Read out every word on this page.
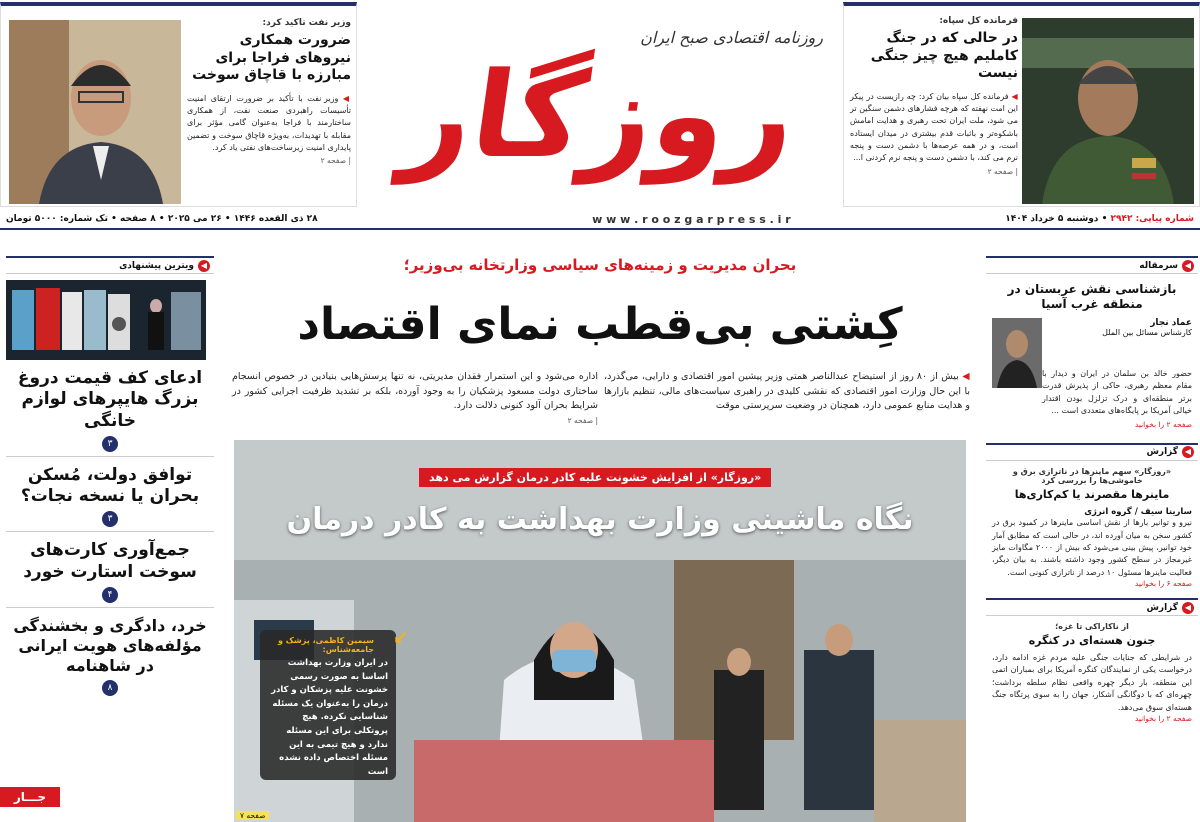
فرمانده کل سپاه:
در حالی که در جنگ کاملیم هیچ چیز جنگی نیست
◀ فرمانده کل سپاه بیان کرد: چه رازیست در پیکر این امت نهفته که هرچه فشارهای دشمن سنگین تر می شود، ملت ایران تحت رهبری و هدایت امامش باشکوه‌تر و باثبات قدم بیشتری در میدان ایستاده است، و در همه عرصه‌ها با دشمن دست و پنجه نرم می کند، با دشمن دست و پنجه نرم کردنی ا...
| صفحه ۲
روزنامه اقتصادی صبح ایران
روزگار
وزیر نفت تاکید کرد:
ضرورت همکاری نیروهای فراجا برای مبارزه با قاچاق سوخت
◀ وزیر نفت با تأکید بر ضرورت ارتقای امنیت تأسیسات راهبردی صنعت نفت، از همکاری ساختارمند با فراجا به‌عنوان گامی مؤثر برای مقابله با تهدیدات، به‌ویژه قاچاق سوخت و تضمین پایداری امنیت زیرساخت‌های نفتی یاد کرد.
| صفحه ۲
۲۸ ذی القعده ۱۴۴۶ • ۲۶ می ۲۰۲۵ • ۸ صفحه • تک شماره: ۵۰۰۰ تومان	w w w . r o o z g a r p r e s s . i r	شماره پیاپی: ۲۹۴۲ • دوشنبه ۵ خرداد ۱۴۰۴
سرمقاله ◀
بازشناسی نقش عربستان در منطقه غرب آسیا
عماد نجار
کارشناس مسائل بین الملل
حضور خالد بن سلمان در ایران و دیدار با مقام معظم رهبری، حاکی از پذیرش قدرت برتر منطقه‌ای و درک تزلزل بودن اقتدار خیالی آمریکا بر پایگاه‌های متعددی است ...
صفحه ۲ را بخوانید
گزارش ◀
«روزگار» سهم ماینرها در ناترازی برق و خاموشی‌ها را بررسی کرد
ماینرها مقصرند یا کم‌کاری‌ها
سارینا سیف / گروه انرژی
نیرو و توانیر بارها از نقش اساسی ماینرها در کمبود برق در کشور سخن به میان آورده اند، در حالی است که مطابق آمار خود توانیر، پیش بینی می‌شود که بیش از ۲۰۰۰ مگاوات مایز غیرمجاز در سطح کشور وجود داشته باشند. به بیان دیگر، فعالیت ماینرها مسئول ۱۰ درصد از ناترازی کنونی است.
صفحه ۶ را بخوانید
گزارش ◀
از ناکاراکی تا غزه؛
جنون هسته‌ای در کنگره
در شرایطی که جنایات جنگی علیه مردم غزه ادامه دارد، درخواست یکی از نمایندگان کنگره آمریکا برای بمباران اتمی این منطقه، بار دیگر چهره واقعی نظام سلطه برداشت؛ چهره‌ای که با دوگانگی آشکار، جهان را به سوی پرتگاه جنگ هسته‌ای سوق می‌دهد.
صفحه ۲ را بخوانید
ویترین پیشنهادی ◀
ادعای کف قیمت دروغ بزرگ هایپرهای لوازم خانگی
۳
توافق دولت، مُسکن بحران یا نسخه نجات؟
۳
جمع‌آوری کارت‌های سوخت استارت خورد
۴
خرد، دادگری و بخشندگی مؤلفه‌های هویت ایرانی در شاهنامه
۸
جـــار
بحران مدیریت و زمینه‌های سیاسی وزارتخانه بی‌وزیر؛
کِشتی بی‌قطب نمای اقتصاد
◀ بیش از ۸۰ روز از استیضاح عبدالناصر همتی وزیر پیشین امور اقتصادی و دارایی، می‌گذرد، با این حال وزارت امور اقتصادی که نقشی کلیدی در راهبری سیاست‌های مالی، تنظیم بازارها و هدایت منابع عمومی دارد، همچنان در وضعیت سرپرستی موقت
اداره می‌شود و این استمرار فقدان مدیریتی، نه تنها پرسش‌هایی بنیادین در خصوص انسجام ساختاری دولت مسعود پزشکیان را به وجود آورده، بلکه بر تشدید ظرفیت اجرایی کشور در شرایط بحران آلود کنونی دلالت دارد.
| صفحه ۲
«روزگار» از افزایش خشونت علیه کادر درمان گزارش می دهد
نگاه ماشینی وزارت بهداشت به کادر درمان
↙
سیمین کاظمی، پزشک و جامعه‌شناس:
در ایران وزارت بهداشت اساسا به صورت رسمی خشونت علیه پزشکان و کادر درمان را به‌عنوان یک مسئله شناسایی نکرده. هیچ پروتکلی برای این مسئله ندارد و هیچ تیمی به این مسئله اختصاص داده نشده است
صفحه ۷
